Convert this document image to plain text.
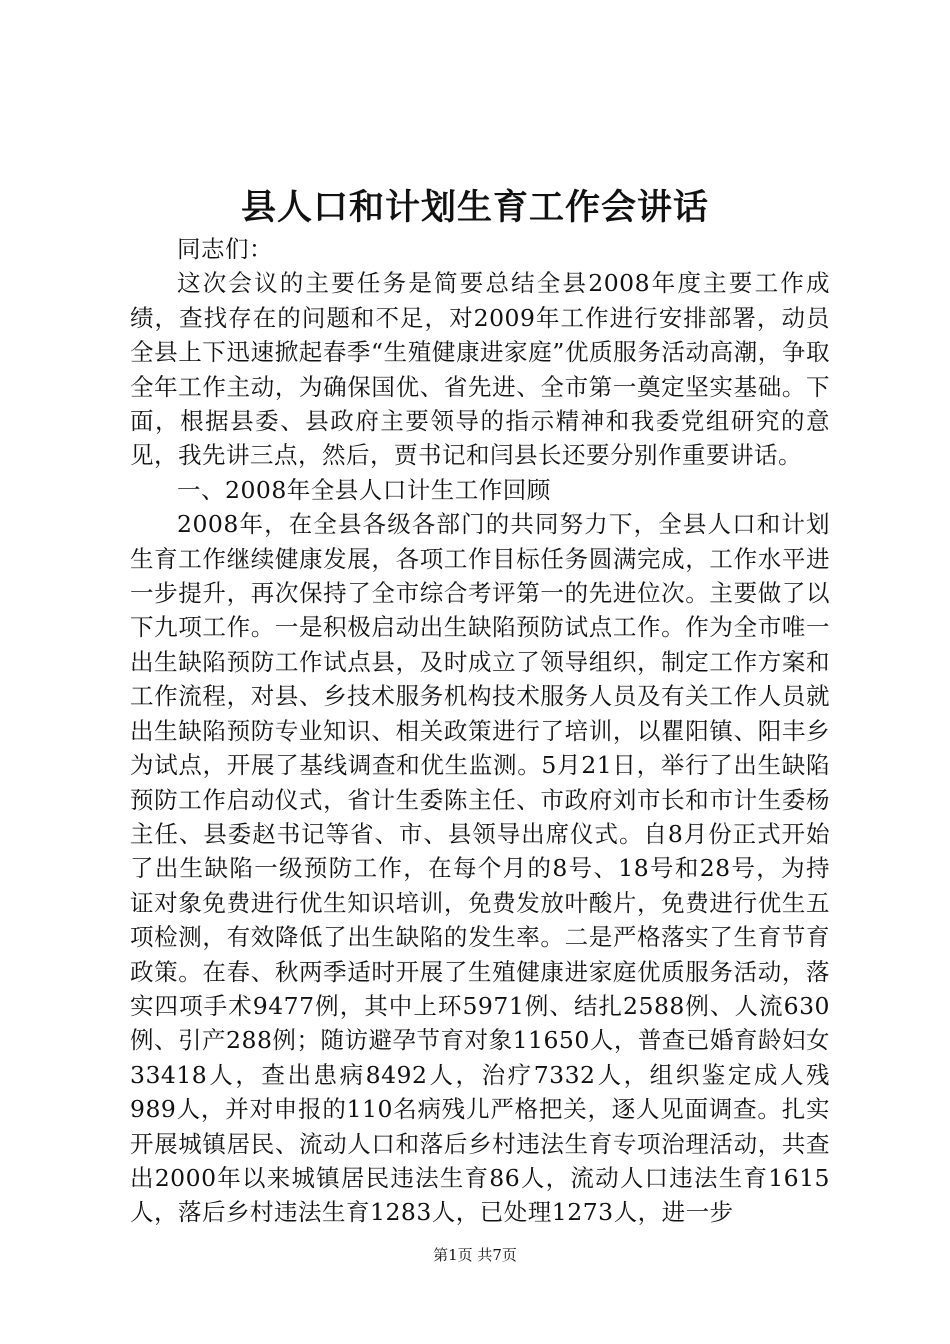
县人口和计划生育工作会讲话

同志们：

这次会议的主要任务是简要总结全县2008年度主要工作成绩，查找存在的问题和不足，对2009年工作进行安排部署，动员全县上下迅速掀起春季“生殖健康进家庭”优质服务活动高潮，争取全年工作主动，为确保国优、省先进、全市第一奠定坚实基础。下面，根据县委、县政府主要领导的指示精神和我委党组研究的意见，我先讲三点，然后，贾书记和闫县长还要分别作重要讲话。

一、2008年全县人口计生工作回顾

2008年，在全县各级各部门的共同努力下，全县人口和计划生育工作继续健康发展，各项工作目标任务圆满完成，工作水平进一步提升，再次保持了全市综合考评第一的先进位次。主要做了以下九项工作。一是积极启动出生缺陷预防试点工作。作为全市唯一出生缺陷预防工作试点县，及时成立了领导组织，制定工作方案和工作流程，对县、乡技术服务机构技术服务人员及有关工作人员就出生缺陷预防专业知识、相关政策进行了培训，以瞿阳镇、阳丰乡为试点，开展了基线调查和优生监测。5月21日，举行了出生缺陷预防工作启动仪式，省计生委陈主任、市政府刘市长和市计生委杨主任、县委赵书记等省、市、县领导出席仪式。自8月份正式开始了出生缺陷一级预防工作，在每个月的8号、18号和28号，为持证对象免费进行优生知识培训，免费发放叶酸片，免费进行优生五项检测，有效降低了出生缺陷的发生率。二是严格落实了生育节育政策。在春、秋两季适时开展了生殖健康进家庭优质服务活动，落实四项手术9477例，其中上环5971例、结扎2588例、人流630例、引产288例；随访避孕节育对象11650人，普查已婚育龄妇女33418人，查出患病8492人，治疗7332人，组织鉴定成人残989人，并对申报的110名病残儿严格把关，逐人见面调查。扎实开展城镇居民、流动人口和落后乡村违法生育专项治理活动，共查出2000年以来城镇居民违法生育86人，流动人口违法生育1615人，落后乡村违法生育1283人，已处理1273人，进一步

第1页 共7页
